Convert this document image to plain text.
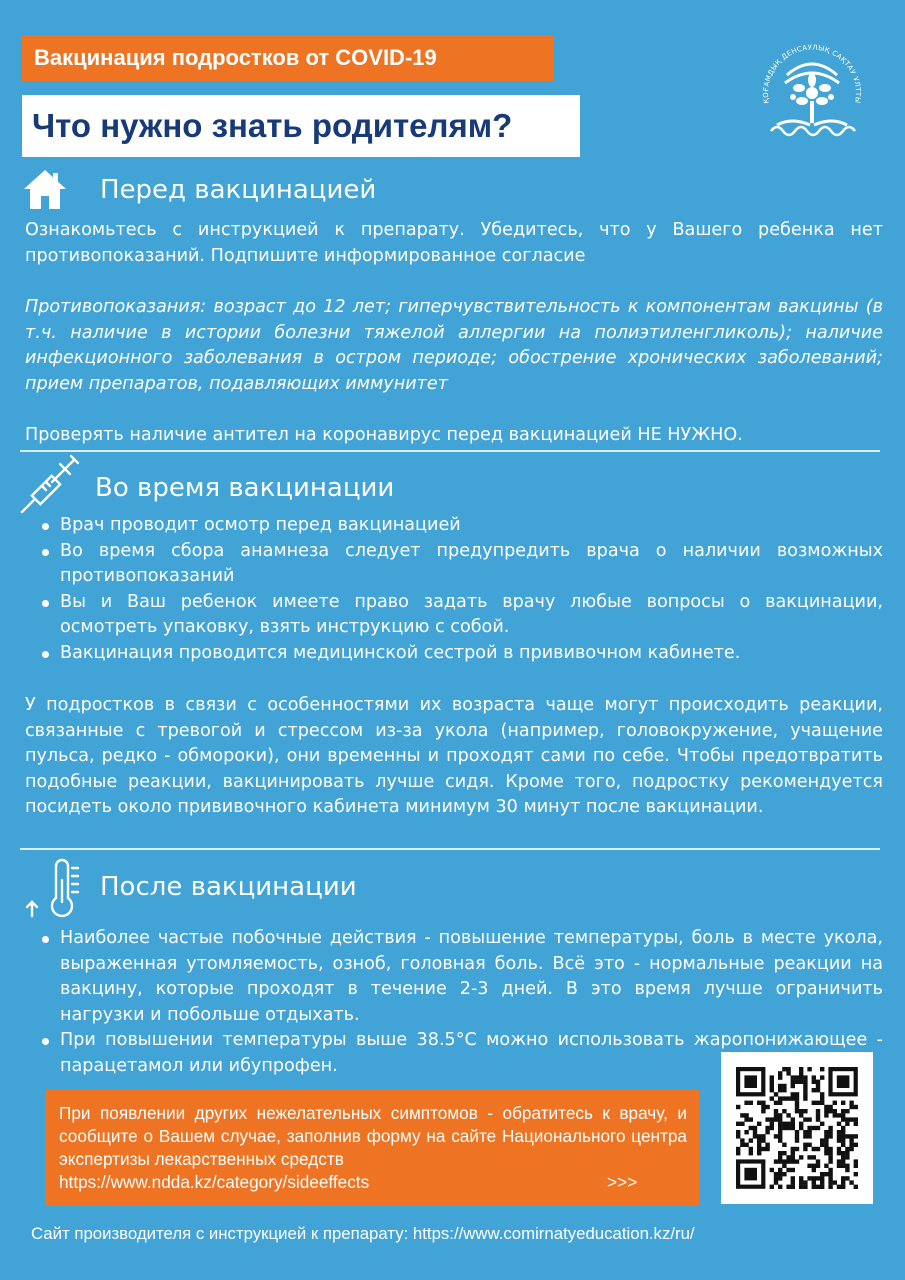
Вакцинация подростков от COVID-19
Что нужно знать родителям?
ҚОҒАМДЫҚ ДЕНСАУЛЫҚ САҚТАУ ҰЛТТЫ
Перед вакцинацией
Ознакомьтесь с инструкцией к препарату. Убедитесь, что у Вашего ребенка нет противопоказаний. Подпишите информированное согласие
Противопоказания: возраст до 12 лет; гиперчувствительность к компонентам вакцины (в т.ч. наличие в истории болезни тяжелой аллергии на полиэтиленгликоль); наличие инфекционного заболевания в остром периоде; обострение хронических заболеваний; прием препаратов, подавляющих иммунитет
Проверять наличие антител на коронавирус перед вакцинацией НЕ НУЖНО.
Во время вакцинации
Врач проводит осмотр перед вакцинацией
Во время сбора анамнеза следует предупредить врача о наличии возможных противопоказаний
Вы и Ваш ребенок имеете право задать врачу любые вопросы о вакцинации, осмотреть упаковку, взять инструкцию с собой.
Вакцинация проводится медицинской сестрой в прививочном кабинете.
У подростков в связи с особенностями их возраста чаще могут происходить реакции, связанные с тревогой и стрессом из-за укола (например, головокружение, учащение пульса, редко - обмороки), они временны и проходят сами по себе. Чтобы предотвратить подобные реакции, вакцинировать лучше сидя. Кроме того, подростку рекомендуется посидеть около прививочного кабинета минимум 30 минут после вакцинации.
После вакцинации
Наиболее частые побочные действия - повышение температуры, боль в месте укола, выраженная утомляемость, озноб, головная боль. Всё это - нормальные реакции на вакцину, которые проходят в течение 2-3 дней. В это время лучше ограничить нагрузки и побольше отдыхать.
При повышении температуры выше 38.5°С можно использовать жаропонижающее - парацетамол или ибупрофен.
При появлении других нежелательных симптомов - обратитесь к врачу, и сообщите о Вашем случае, заполнив форму на сайте Национального центра экспертизы лекарственных средств
https://www.ndda.kz/category/sideeffects	>>>
Сайт производителя с инструкцией к препарату: https://www.comirnatyeducation.kz/ru/
